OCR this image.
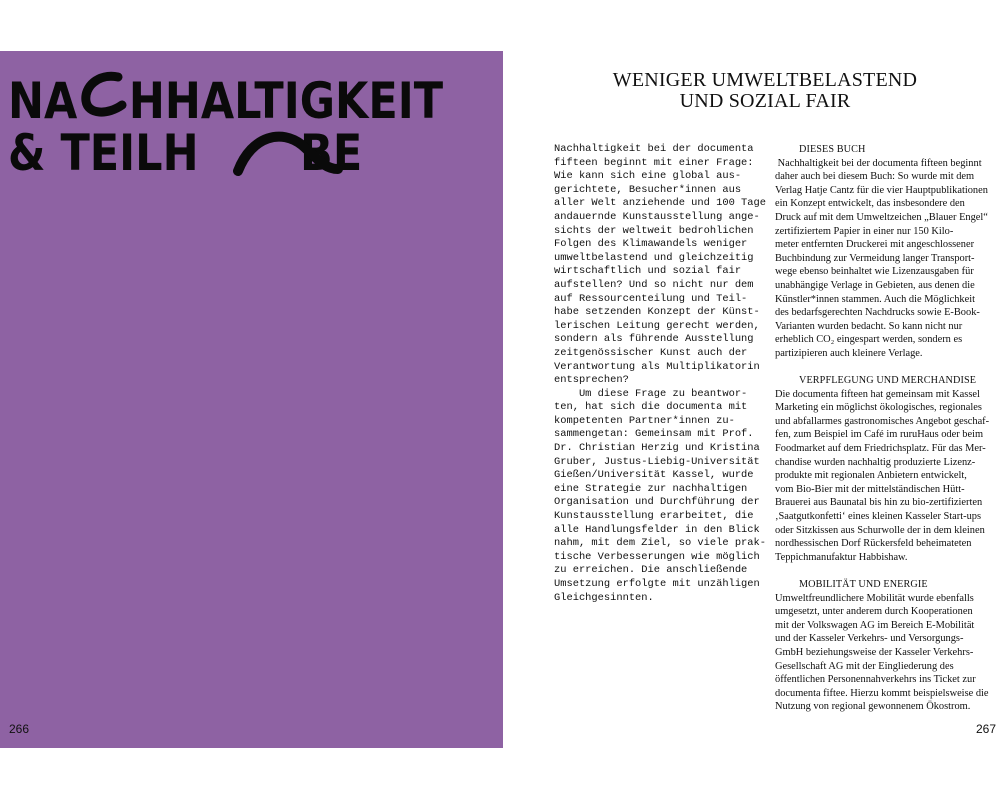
NA HHALTIGKEIT
& TEILH BE
266
WENIGER UMWELTBELASTEND
UND SOZIAL FAIR
Nachhaltigkeit bei der documenta
fifteen beginnt mit einer Frage:
Wie kann sich eine global aus-
gerichtete, Besucher*innen aus
aller Welt anziehende und 100 Tage
andauernde Kunstausstellung ange-
sichts der weltweit bedrohlichen
Folgen des Klimawandels weniger
umweltbelastend und gleichzeitig
wirtschaftlich und sozial fair
aufstellen? Und so nicht nur dem
auf Ressourcenteilung und Teil-
habe setzenden Konzept der Künst-
lerischen Leitung gerecht werden,
sondern als führende Ausstellung
zeitgenössischer Kunst auch der
Verantwortung als Multiplikatorin
entsprechen?
Um diese Frage zu beantwor-
ten, hat sich die documenta mit
kompetenten Partner*innen zu-
sammengetan: Gemeinsam mit Prof.
Dr. Christian Herzig und Kristina
Gruber, Justus-Liebig-Universität
Gießen/Universität Kassel, wurde
eine Strategie zur nachhaltigen
Organisation und Durchführung der
Kunstausstellung erarbeitet, die
alle Handlungsfelder in den Blick
nahm, mit dem Ziel, so viele prak-
tische Verbesserungen wie möglich
zu erreichen. Die anschließende
Umsetzung erfolgte mit unzähligen
Gleichgesinnten.
DIESES BUCH
Nachhaltigkeit bei der documenta fifteen beginnt
daher auch bei diesem Buch: So wurde mit dem
Verlag Hatje Cantz für die vier Hauptpublikationen
ein Konzept entwickelt, das insbesondere den
Druck auf mit dem Umweltzeichen „Blauer Engel“
zertifiziertem Papier in einer nur 150 Kilo-
meter entfernten Druckerei mit angeschlossener
Buchbindung zur Vermeidung langer Transport-
wege ebenso beinhaltet wie Lizenzausgaben für
unabhängige Verlage in Gebieten, aus denen die
Künstler*innen stammen. Auch die Möglichkeit
des bedarfsgerechten Nachdrucks sowie E-Book-
Varianten wurden bedacht. So kann nicht nur
erheblich CO₂ eingespart werden, sondern es
partizipieren auch kleinere Verlage.
VERPFLEGUNG UND MERCHANDISE
Die documenta fifteen hat gemeinsam mit Kassel
Marketing ein möglichst ökologisches, regionales
und abfallarmes gastronomisches Angebot geschaf-
fen, zum Beispiel im Café im ruruHaus oder beim
Foodmarket auf dem Friedrichsplatz. Für das Mer-
chandise wurden nachhaltig produzierte Lizenz-
produkte mit regionalen Anbietern entwickelt,
vom Bio-Bier mit der mittelständischen Hütt-
Brauerei aus Baunatal bis hin zu bio-zertifizierten
‚Saatgutkonfetti‘ eines kleinen Kasseler Start-ups
oder Sitzkissen aus Schurwolle der in dem kleinen
nordhessischen Dorf Rückersfeld beheimateten
Teppichmanufaktur Habbishaw.
MOBILITÄT UND ENERGIE
Umweltfreundlichere Mobilität wurde ebenfalls
umgesetzt, unter anderem durch Kooperationen
mit der Volkswagen AG im Bereich E-Mobilität
und der Kasseler Verkehrs- und Versorgungs-
GmbH beziehungsweise der Kasseler Verkehrs-
Gesellschaft AG mit der Eingliederung des
öffentlichen Personennahverkehrs ins Ticket zur
documenta fiftee. Hierzu kommt beispielsweise die
Nutzung von regional gewonnenem Ökostrom.
267
